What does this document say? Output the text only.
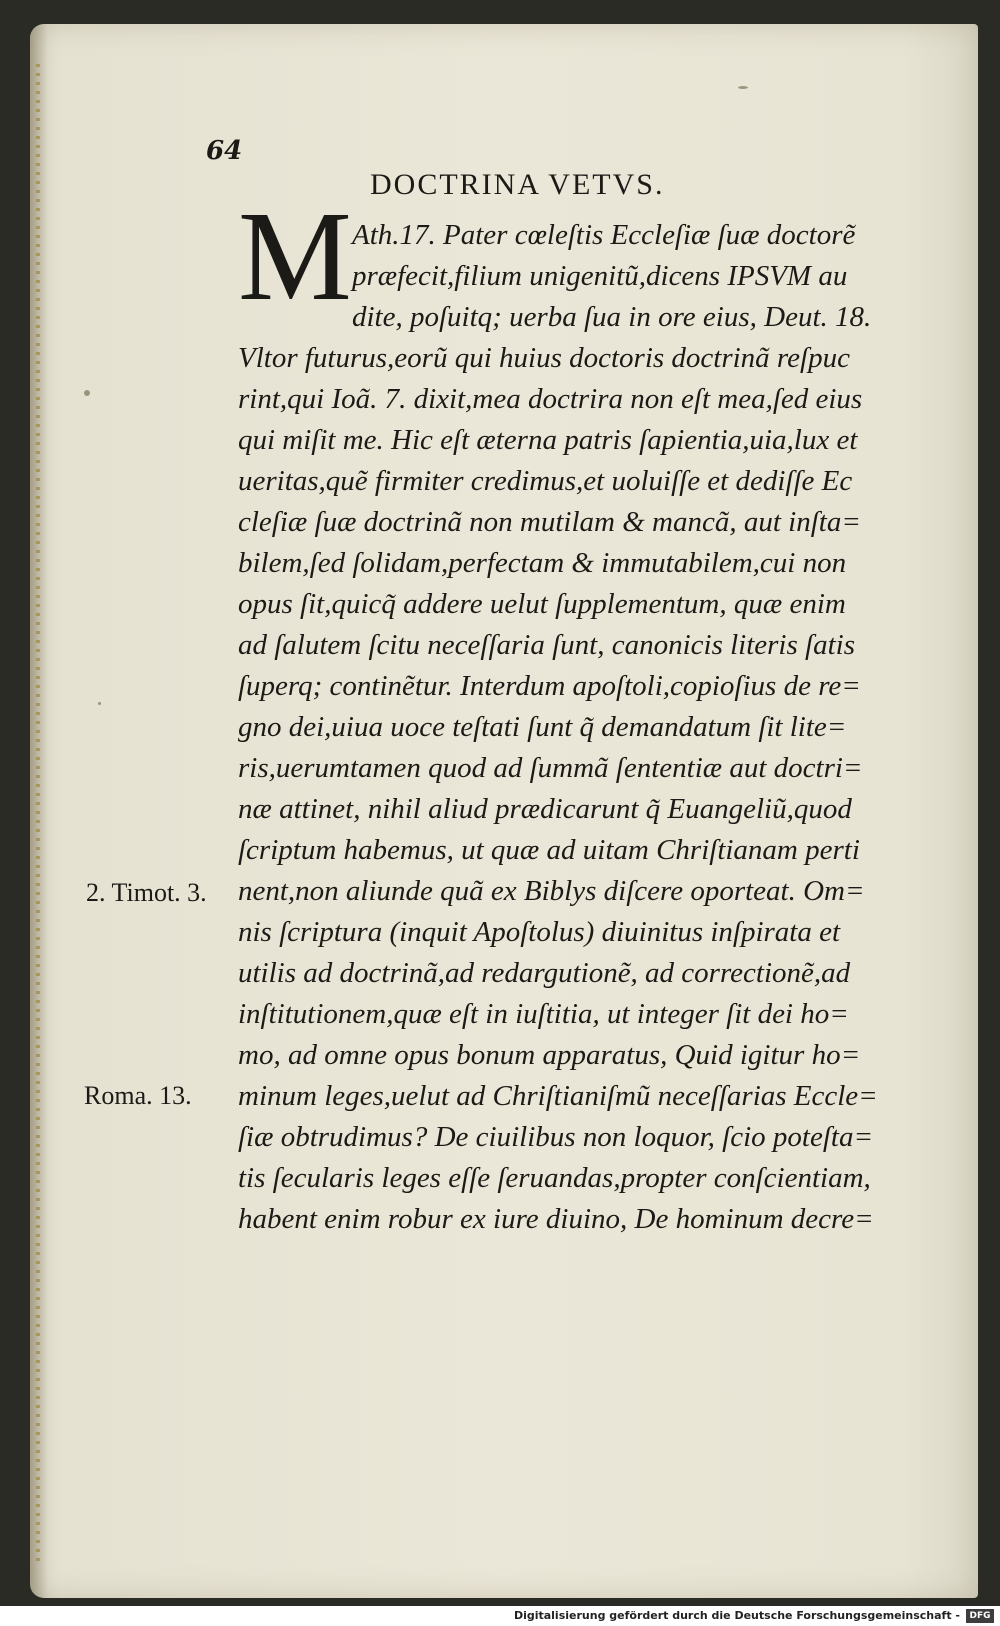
64
DOCTRINA VETVS.
M Ath.17. Pater cœleſtis Eccleſiæ ſuæ doctorẽ
præfecit,filium unigenitũ,dicens IPSVM au
dite, poſuitq; uerba ſua in ore eius, Deut. 18.
Vltor futurus,eorũ qui huius doctoris doctrinã reſpuc
rint,qui Ioã. 7. dixit,mea doctrira non eſt mea,ſed eius
qui miſit me. Hic eſt æterna patris ſapientia,uia,lux et
ueritas,quẽ firmiter credimus,et uoluiſſe et dediſſe Ec
cleſiæ ſuæ doctrinã non mutilam & mancã, aut inſta=
bilem,ſed ſolidam,perfectam & immutabilem,cui non
opus ſit,quicq̃ addere uelut ſupplementum, quæ enim
ad ſalutem ſcitu neceſſaria ſunt, canonicis literis ſatis
ſuperq; continẽtur. Interdum apoſtoli,copioſius de re=
gno dei,uiua uoce teſtati ſunt q̃ demandatum ſit lite=
ris,uerumtamen quod ad ſummã ſententiæ aut doctri=
næ attinet, nihil aliud prædicarunt q̃ Euangeliũ,quod
ſcriptum habemus, ut quæ ad uitam Chriſtianam perti
nent,non aliunde quã ex Biblys diſcere oporteat. Om=
nis ſcriptura (inquit Apoſtolus) diuinitus inſpirata et
utilis ad doctrinã,ad redargutionẽ, ad correctionẽ,ad
inſtitutionem,quæ eſt in iuſtitia, ut integer ſit dei ho=
mo, ad omne opus bonum apparatus, Quid igitur ho=
minum leges,uelut ad Chriſtianiſmũ neceſſarias Eccle=
ſiæ obtrudimus? De ciuilibus non loquor, ſcio poteſta=
tis ſecularis leges eſſe ſeruandas,propter conſcientiam,
habent enim robur ex iure diuino, De hominum decre=
2. Timot. 3.
Roma. 13.
Digitalisierung gefördert durch die Deutsche Forschungsgemeinschaft -	DFG
